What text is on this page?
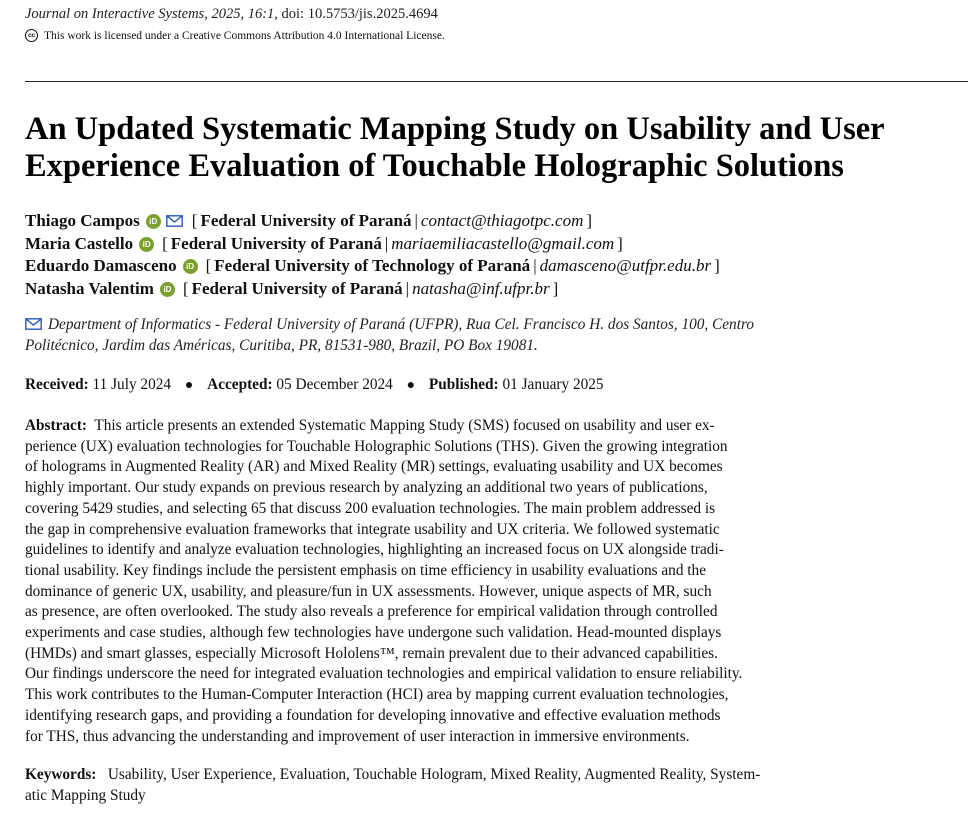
Journal on Interactive Systems, 2025, 16:1, doi: 10.5753/jis.2025.4694
cc This work is licensed under a Creative Commons Attribution 4.0 International License.
An Updated Systematic Mapping Study on Usability and User
Experience Evaluation of Touchable Holographic Solutions
Thiago Campos	iD [ Federal University of Paraná | contact@thiagotpc.com ]
Maria Castello	iD [ Federal University of Paraná | mariaemiliacastello@gmail.com ]
Eduardo Damasceno	iD [ Federal University of Technology of Paraná | damasceno@utfpr.edu.br ]
Natasha Valentim	iD [ Federal University of Paraná | natasha@inf.ufpr.br ]
Department of Informatics - Federal University of Paraná (UFPR), Rua Cel. Francisco H. dos Santos, 100, Centro
Politécnico, Jardim das Américas, Curitiba, PR, 81531-980, Brazil, PO Box 19081.
Received: 11 July 2024 ● Accepted: 05 December 2024 ● Published: 01 January 2025
Abstract: This article presents an extended Systematic Mapping Study (SMS) focused on usability and user ex-
perience (UX) evaluation technologies for Touchable Holographic Solutions (THS). Given the growing integration
of holograms in Augmented Reality (AR) and Mixed Reality (MR) settings, evaluating usability and UX becomes
highly important. Our study expands on previous research by analyzing an additional two years of publications,
covering 5429 studies, and selecting 65 that discuss 200 evaluation technologies. The main problem addressed is
the gap in comprehensive evaluation frameworks that integrate usability and UX criteria. We followed systematic
guidelines to identify and analyze evaluation technologies, highlighting an increased focus on UX alongside tradi-
tional usability. Key findings include the persistent emphasis on time efficiency in usability evaluations and the
dominance of generic UX, usability, and pleasure/fun in UX assessments. However, unique aspects of MR, such
as presence, are often overlooked. The study also reveals a preference for empirical validation through controlled
experiments and case studies, although few technologies have undergone such validation. Head-mounted displays
(HMDs) and smart glasses, especially Microsoft Hololens™, remain prevalent due to their advanced capabilities.
Our findings underscore the need for integrated evaluation technologies and empirical validation to ensure reliability.
This work contributes to the Human-Computer Interaction (HCI) area by mapping current evaluation technologies,
identifying research gaps, and providing a foundation for developing innovative and effective evaluation methods
for THS, thus advancing the understanding and improvement of user interaction in immersive environments.
Keywords: Usability, User Experience, Evaluation, Touchable Hologram, Mixed Reality, Augmented Reality, System-
atic Mapping Study
